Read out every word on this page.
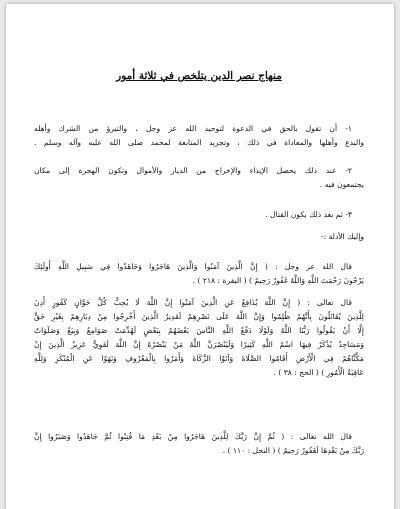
منهاج نصر الدين يتلخص في ثلاثة أمور
١- أن تقول بالحق في الدعوة لتوحيد الله عز وجل ، والتبرؤ من الشرك وأهله
والبدع وأهلها والمعاداة في ذلك ، وتجريد المتابعة لمحمد صلى الله عليه وآله وسلم .
٢- عند ذلك يحصل الإيذاء والإخراج من الديار والأموال وتكون الهجرة إلى مكان
يجتمعون فيه .
٣- ثم بعد ذلك يكون القتال .
وإليك الأدلة :-
قال الله عز وجل : ( إِنَّ الَّذِينَ آمَنُوا وَالَّذِينَ هَاجَرُوا وَجَاهَدُوا فِي سَبِيلِ اللَّهِ أُولَئِكَ
يَرْجُونَ رَحْمَتَ اللَّهِ وَاللَّهُ غَفُورٌ رَحِيمٌ ) ( البقرة : ٢١٨ ) .
قال تعالى : ( إِنَّ اللَّهَ يُدَافِعُ عَنِ الَّذِينَ آمَنُوا إِنَّ اللَّهَ لَا يُحِبُّ كُلَّ خَوَّانٍ كَفُورٍ أُذِنَ
لِلَّذِينَ يُقَاتَلُونَ بِأَنَّهُمْ ظُلِمُوا وَإِنَّ اللَّهَ عَلَى نَصْرِهِمْ لَقَدِيرٌ الَّذِينَ أُخْرِجُوا مِنْ دِيَارِهِمْ بِغَيْرِ حَقٍّ
إِلَّا أَنْ يَقُولُوا رَبُّنَا اللَّهُ وَلَوْلَا دَفْعُ اللَّهِ النَّاسَ بَعْضَهُمْ بِبَعْضٍ لَهُدِّمَتْ صَوَامِعُ وَبِيَعٌ وَصَلَوَاتٌ
وَمَسَاجِدُ يُذْكَرُ فِيهَا اسْمُ اللَّهِ كَثِيرًا وَلَيَنْصُرَنَّ اللَّهُ مَنْ يَنْصُرُهُ إِنَّ اللَّهَ لَقَوِيٌّ عَزِيزٌ الَّذِينَ إِنْ
مَكَّنَّاهُمْ فِي الْأَرْضِ أَقَامُوا الصَّلَاةَ وَآتَوُا الزَّكَاةَ وَأَمَرُوا بِالْمَعْرُوفِ وَنَهَوْا عَنِ الْمُنْكَرِ وَلِلَّهِ
عَاقِبَةُ الْأُمُورِ ) ( الحج : ٣٨ ) .
قال الله تعالى : ( ثُمَّ إِنَّ رَبَّكَ لِلَّذِينَ هَاجَرُوا مِنْ بَعْدِ مَا فُتِنُوا ثُمَّ جَاهَدُوا وَصَبَرُوا إِنَّ
رَبَّكَ مِنْ بَعْدِهَا لَغَفُورٌ رَحِيمٌ ) ( النحل : ١١٠ ) .
